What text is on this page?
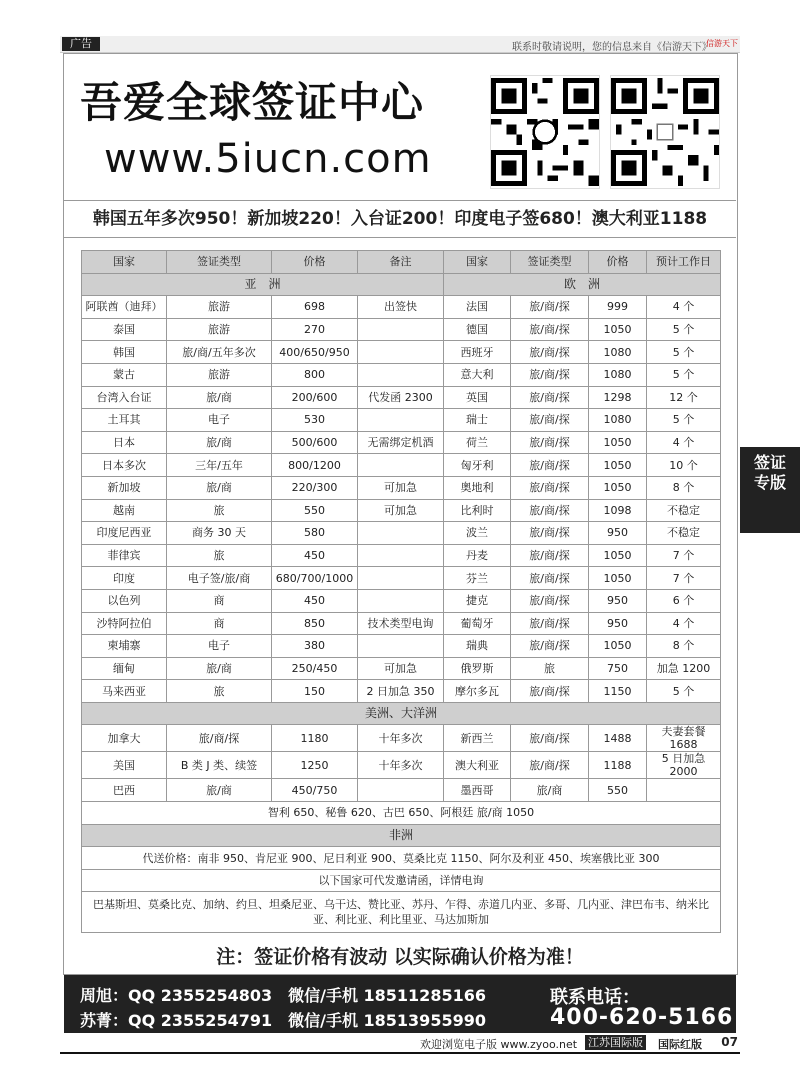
广告	联系时敬请说明，您的信息来自《信游天下》
信游天下
吾爱全球签证中心
www.5iucn.com
韩国五年多次950！新加坡220！入台证200！印度电子签680！澳大利亚1188
国家	签证类型	价格	备注	国家	签证类型	价格	预计工作日
亚　洲				欧　洲			
阿联酋（迪拜）	旅游	698	出签快	法国	旅/商/探	999	4 个
泰国	旅游	270		德国	旅/商/探	1050	5 个
韩国	旅/商/五年多次	400/650/950		西班牙	旅/商/探	1080	5 个
蒙古	旅游	800		意大利	旅/商/探	1080	5 个
台湾入台证	旅/商	200/600	代发函 2300	英国	旅/商/探	1298	12 个
土耳其	电子	530		瑞士	旅/商/探	1080	5 个
日本	旅/商	500/600	无需绑定机酒	荷兰	旅/商/探	1050	4 个
日本多次	三年/五年	800/1200		匈牙利	旅/商/探	1050	10 个
新加坡	旅/商	220/300	可加急	奥地利	旅/商/探	1050	8 个
越南	旅	550	可加急	比利时	旅/商/探	1098	不稳定
印度尼西亚	商务 30 天	580		波兰	旅/商/探	950	不稳定
菲律宾	旅	450		丹麦	旅/商/探	1050	7 个
印度	电子签/旅/商	680/700/1000		芬兰	旅/商/探	1050	7 个
以色列	商	450		捷克	旅/商/探	950	6 个
沙特阿拉伯	商	850	技术类型电询	葡萄牙	旅/商/探	950	4 个
柬埔寨	电子	380		瑞典	旅/商/探	1050	8 个
缅甸	旅/商	250/450	可加急	俄罗斯	旅	750	加急 1200
马来西亚	旅	150	2 日加急 350	摩尔多瓦	旅/商/探	1150	5 个
美洲、大洋洲							
加拿大	旅/商/探	1180	十年多次	新西兰	旅/商/探	1488	夫妻套餐 1688
美国	B 类 J 类、续签	1250	十年多次	澳大利亚	旅/商/探	1188	5 日加急 2000
巴西	旅/商	450/750		墨西哥	旅/商	550	
智利 650、秘鲁 620、古巴 650、阿根廷 旅/商 1050							
非洲							
代送价格：南非 950、肯尼亚 900、尼日利亚 900、莫桑比克 1150、阿尔及利亚 450、埃塞俄比亚 300							
以下国家可代发邀请函，详情电询							
巴基斯坦、莫桑比克、加纳、约旦、坦桑尼亚、乌干达、赞比亚、苏丹、乍得、赤道几内亚、多哥、几内亚、津巴布韦、纳米比亚、利比亚、利比里亚、马达加斯加							
注：签证价格有波动 以实际确认价格为准！
周旭：QQ 2355254803　微信/手机 18511285166
苏菁：QQ 2355254791　微信/手机 18513955990
联系电话：
400-620-5166
欢迎浏览电子版 www.zyoo.net 江苏国际版 国际红版 07
签证
专版
